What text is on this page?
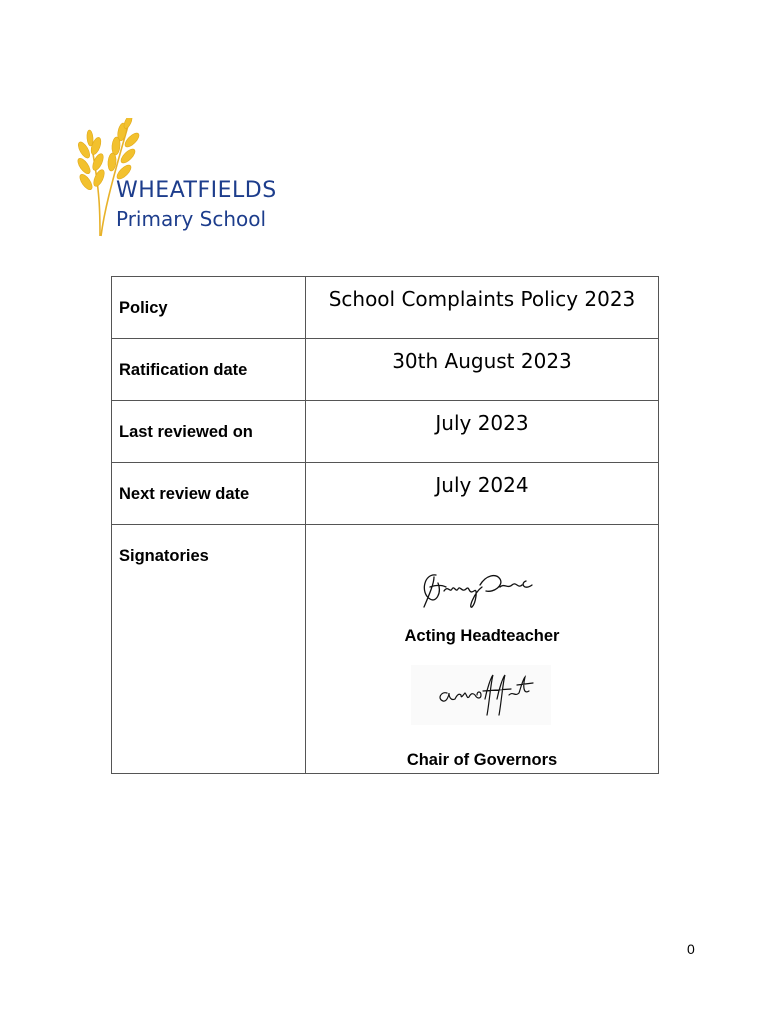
WHEATFIELDS
Primary School
Policy	School Complaints Policy 2023

Ratification date	30th August 2023

Last reviewed on	July 2023

Next review date	July 2024

Signatories	Acting Headteacher
Chair of Governors
0
